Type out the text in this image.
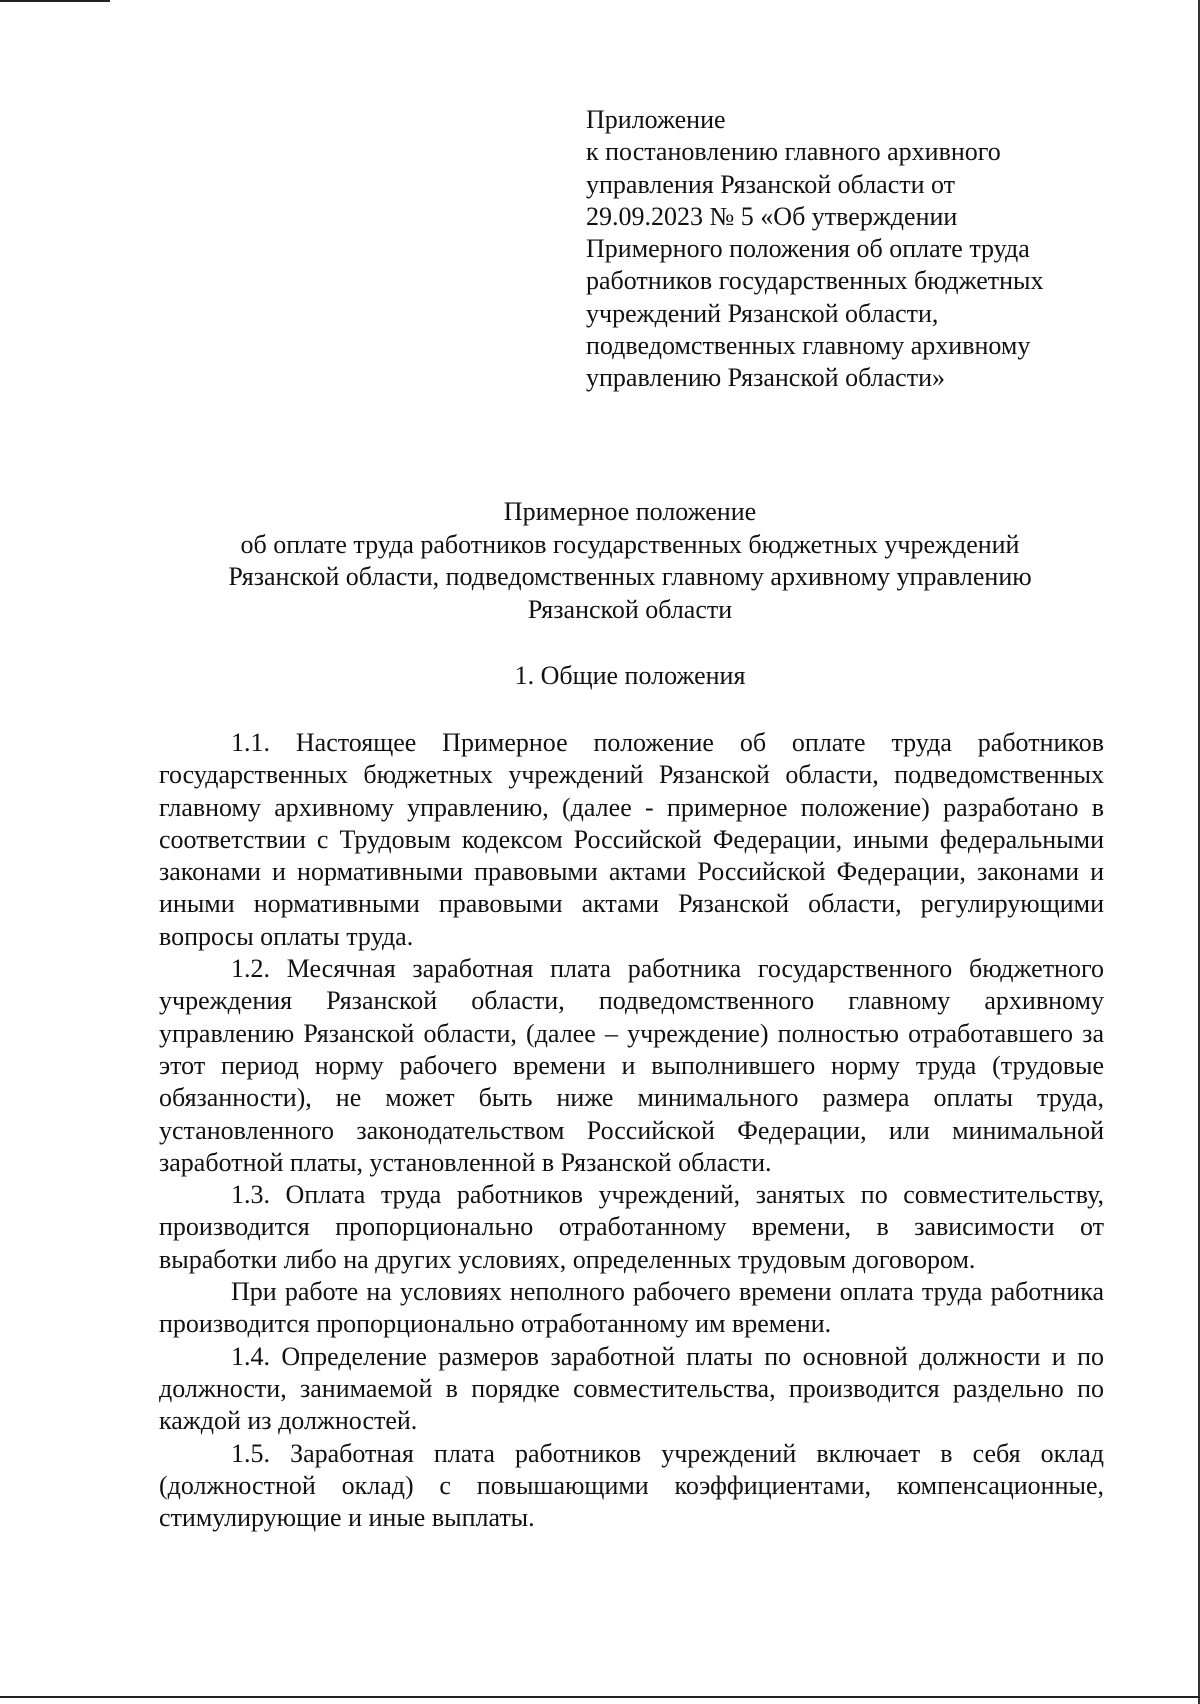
Приложение
к постановлению главного архивного
управления Рязанской области от
29.09.2023 № 5 «Об утверждении
Примерного положения об оплате труда
работников государственных бюджетных
учреждений Рязанской области,
подведомственных главному архивному
управлению Рязанской области»
Примерное положение
об оплате труда работников государственных бюджетных учреждений
Рязанской области, подведомственных главному архивному управлению
Рязанской области
1. Общие положения

1.1. Настоящее Примерное положение об оплате труда работников государственных бюджетных учреждений Рязанской области, подведомственных главному архивному управлению, (далее - примерное положение) разработано в соответствии с Трудовым кодексом Российской Федерации, иными федеральными законами и нормативными правовыми актами Российской Федерации, законами и иными нормативными правовыми актами Рязанской области, регулирующими вопросы оплаты труда.

1.2. Месячная заработная плата работника государственного бюджетного учреждения Рязанской области, подведомственного главному архивному управлению Рязанской области, (далее – учреждение) полностью отработавшего за этот период норму рабочего времени и выполнившего норму труда (трудовые обязанности), не может быть ниже минимального размера оплаты труда, установленного законодательством Российской Федерации, или минимальной заработной платы, установленной в Рязанской области.

1.3. Оплата труда работников учреждений, занятых по совместительству, производится пропорционально отработанному времени, в зависимости от выработки либо на других условиях, определенных трудовым договором.

При работе на условиях неполного рабочего времени оплата труда работника производится пропорционально отработанному им времени.

1.4. Определение размеров заработной платы по основной должности и по должности, занимаемой в порядке совместительства, производится раздельно по каждой из должностей.

1.5. Заработная плата работников учреждений включает в себя оклад (должностной оклад) с повышающими коэффициентами, компенсационные, стимулирующие и иные выплаты.
